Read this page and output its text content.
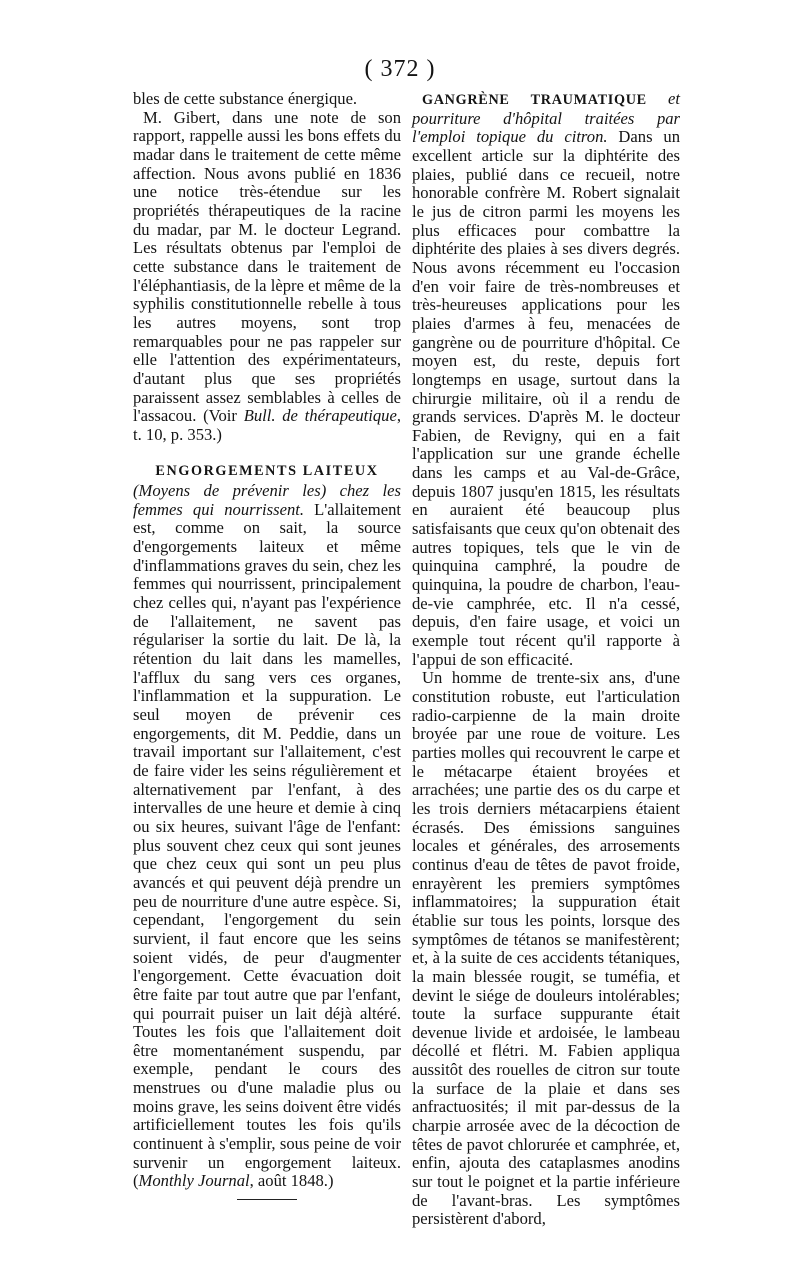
( 372 )

bles de cette substance énergique.

M. Gibert, dans une note de son rapport, rappelle aussi les bons effets du madar dans le traitement de cette même affection. Nous avons publié en 1836 une notice très-étendue sur les propriétés thérapeutiques de la racine du madar, par M. le docteur Legrand. Les résultats obtenus par l'emploi de cette substance dans le traitement de l'éléphantiasis, de la lèpre et même de la syphilis constitutionnelle rebelle à tous les autres moyens, sont trop remarquables pour ne pas rappeler sur elle l'attention des expérimentateurs, d'autant plus que ses propriétés paraissent assez semblables à celles de l'assacou. (Voir Bull. de thérapeutique, t. 10, p. 353.)

ENGORGEMENTS LAITEUX

(Moyens de prévenir les) chez les femmes qui nourrissent. L'allaitement est, comme on sait, la source d'engorgements laiteux et même d'inflammations graves du sein, chez les femmes qui nourrissent, principalement chez celles qui, n'ayant pas l'expérience de l'allaitement, ne savent pas régulariser la sortie du lait. De là, la rétention du lait dans les mamelles, l'afflux du sang vers ces organes, l'inflammation et la suppuration. Le seul moyen de prévenir ces engorgements, dit M. Peddie, dans un travail important sur l'allaitement, c'est de faire vider les seins régulièrement et alternativement par l'enfant, à des intervalles de une heure et demie à cinq ou six heures, suivant l'âge de l'enfant: plus souvent chez ceux qui sont jeunes que chez ceux qui sont un peu plus avancés et qui peuvent déjà prendre un peu de nourriture d'une autre espèce. Si, cependant, l'engorgement du sein survient, il faut encore que les seins soient vidés, de peur d'augmenter l'engorgement. Cette évacuation doit être faite par tout autre que par l'enfant, qui pourrait puiser un lait déjà altéré. Toutes les fois que l'allaitement doit être momentanément suspendu, par exemple, pendant le cours des menstrues ou d'une maladie plus ou moins grave, les seins doivent être vidés artificiellement toutes les fois qu'ils continuent à s'emplir, sous peine de voir survenir un engorgement laiteux. (Monthly Journal, août 1848.)

GANGRÈNE TRAUMATIQUE et pourriture d'hôpital traitées par l'emploi topique du citron. Dans un excellent article sur la diphtérite des plaies, publié dans ce recueil, notre honorable confrère M. Robert signalait le jus de citron parmi les moyens les plus efficaces pour combattre la diphtérite des plaies à ses divers degrés. Nous avons récemment eu l'occasion d'en voir faire de très-nombreuses et très-heureuses applications pour les plaies d'armes à feu, menacées de gangrène ou de pourriture d'hôpital. Ce moyen est, du reste, depuis fort longtemps en usage, surtout dans la chirurgie militaire, où il a rendu de grands services. D'après M. le docteur Fabien, de Revigny, qui en a fait l'application sur une grande échelle dans les camps et au Val-de-Grâce, depuis 1807 jusqu'en 1815, les résultats en auraient été beaucoup plus satisfaisants que ceux qu'on obtenait des autres topiques, tels que le vin de quinquina camphré, la poudre de quinquina, la poudre de charbon, l'eau-de-vie camphrée, etc. Il n'a cessé, depuis, d'en faire usage, et voici un exemple tout récent qu'il rapporte à l'appui de son efficacité.

Un homme de trente-six ans, d'une constitution robuste, eut l'articulation radio-carpienne de la main droite broyée par une roue de voiture. Les parties molles qui recouvrent le carpe et le métacarpe étaient broyées et arrachées; une partie des os du carpe et les trois derniers métacarpiens étaient écrasés. Des émissions sanguines locales et générales, des arrosements continus d'eau de têtes de pavot froide, enrayèrent les premiers symptômes inflammatoires; la suppuration était établie sur tous les points, lorsque des symptômes de tétanos se manifestèrent; et, à la suite de ces accidents tétaniques, la main blessée rougit, se tuméfia, et devint le siége de douleurs intolérables; toute la surface suppurante était devenue livide et ardoisée, le lambeau décollé et flétri. M. Fabien appliqua aussitôt des rouelles de citron sur toute la surface de la plaie et dans ses anfractuosités; il mit par-dessus de la charpie arrosée avec de la décoction de têtes de pavot chlorurée et camphrée, et, enfin, ajouta des cataplasmes anodins sur tout le poignet et la partie inférieure de l'avant-bras. Les symptômes persistèrent d'abord,
